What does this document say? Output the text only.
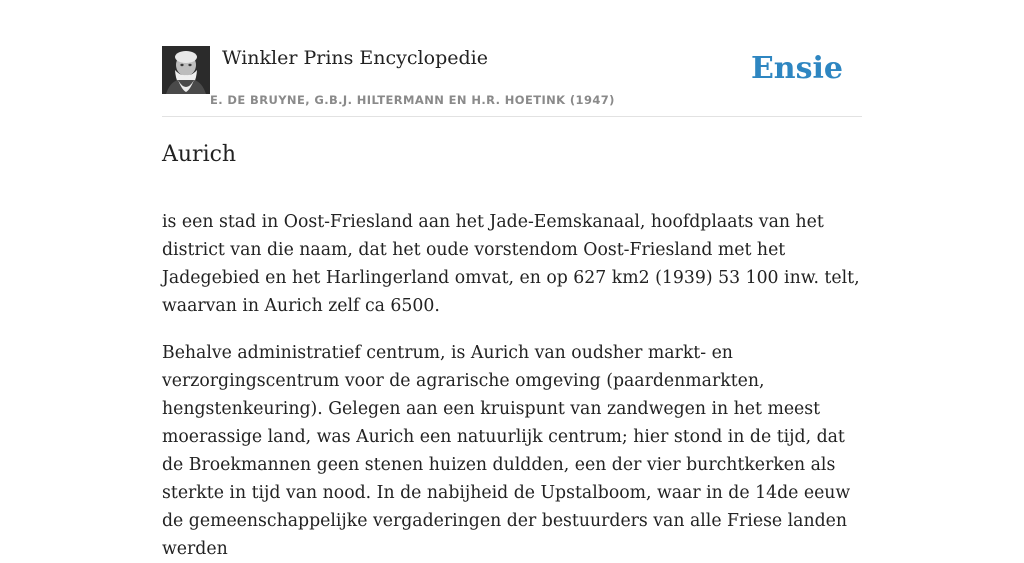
Winkler Prins Encyclopedie
E. DE BRUYNE, G.B.J. HILTERMANN EN H.R. HOETINK (1947)
Ensie
Aurich

is een stad in Oost-Friesland aan het Jade-Eemskanaal, hoofdplaats van het district van die naam, dat het oude vorstendom Oost-Friesland met het Jadegebied en het Harlingerland omvat, en op 627 km2 (1939) 53 100 inw. telt, waarvan in Aurich zelf ca 6500.

Behalve administratief centrum, is Aurich van oudsher markt- en verzorgingscentrum voor de agrarische omgeving (paardenmarkten, hengstenkeuring). Gelegen aan een kruispunt van zandwegen in het meest moerassige land, was Aurich een natuurlijk centrum; hier stond in de tijd, dat de Broekmannen geen stenen huizen duldden, een der vier burchtkerken als sterkte in tijd van nood. In de nabijheid de Upstalboom, waar in de 14de eeuw de gemeenschappelijke vergaderingen der bestuurders van alle Friese landen werden
